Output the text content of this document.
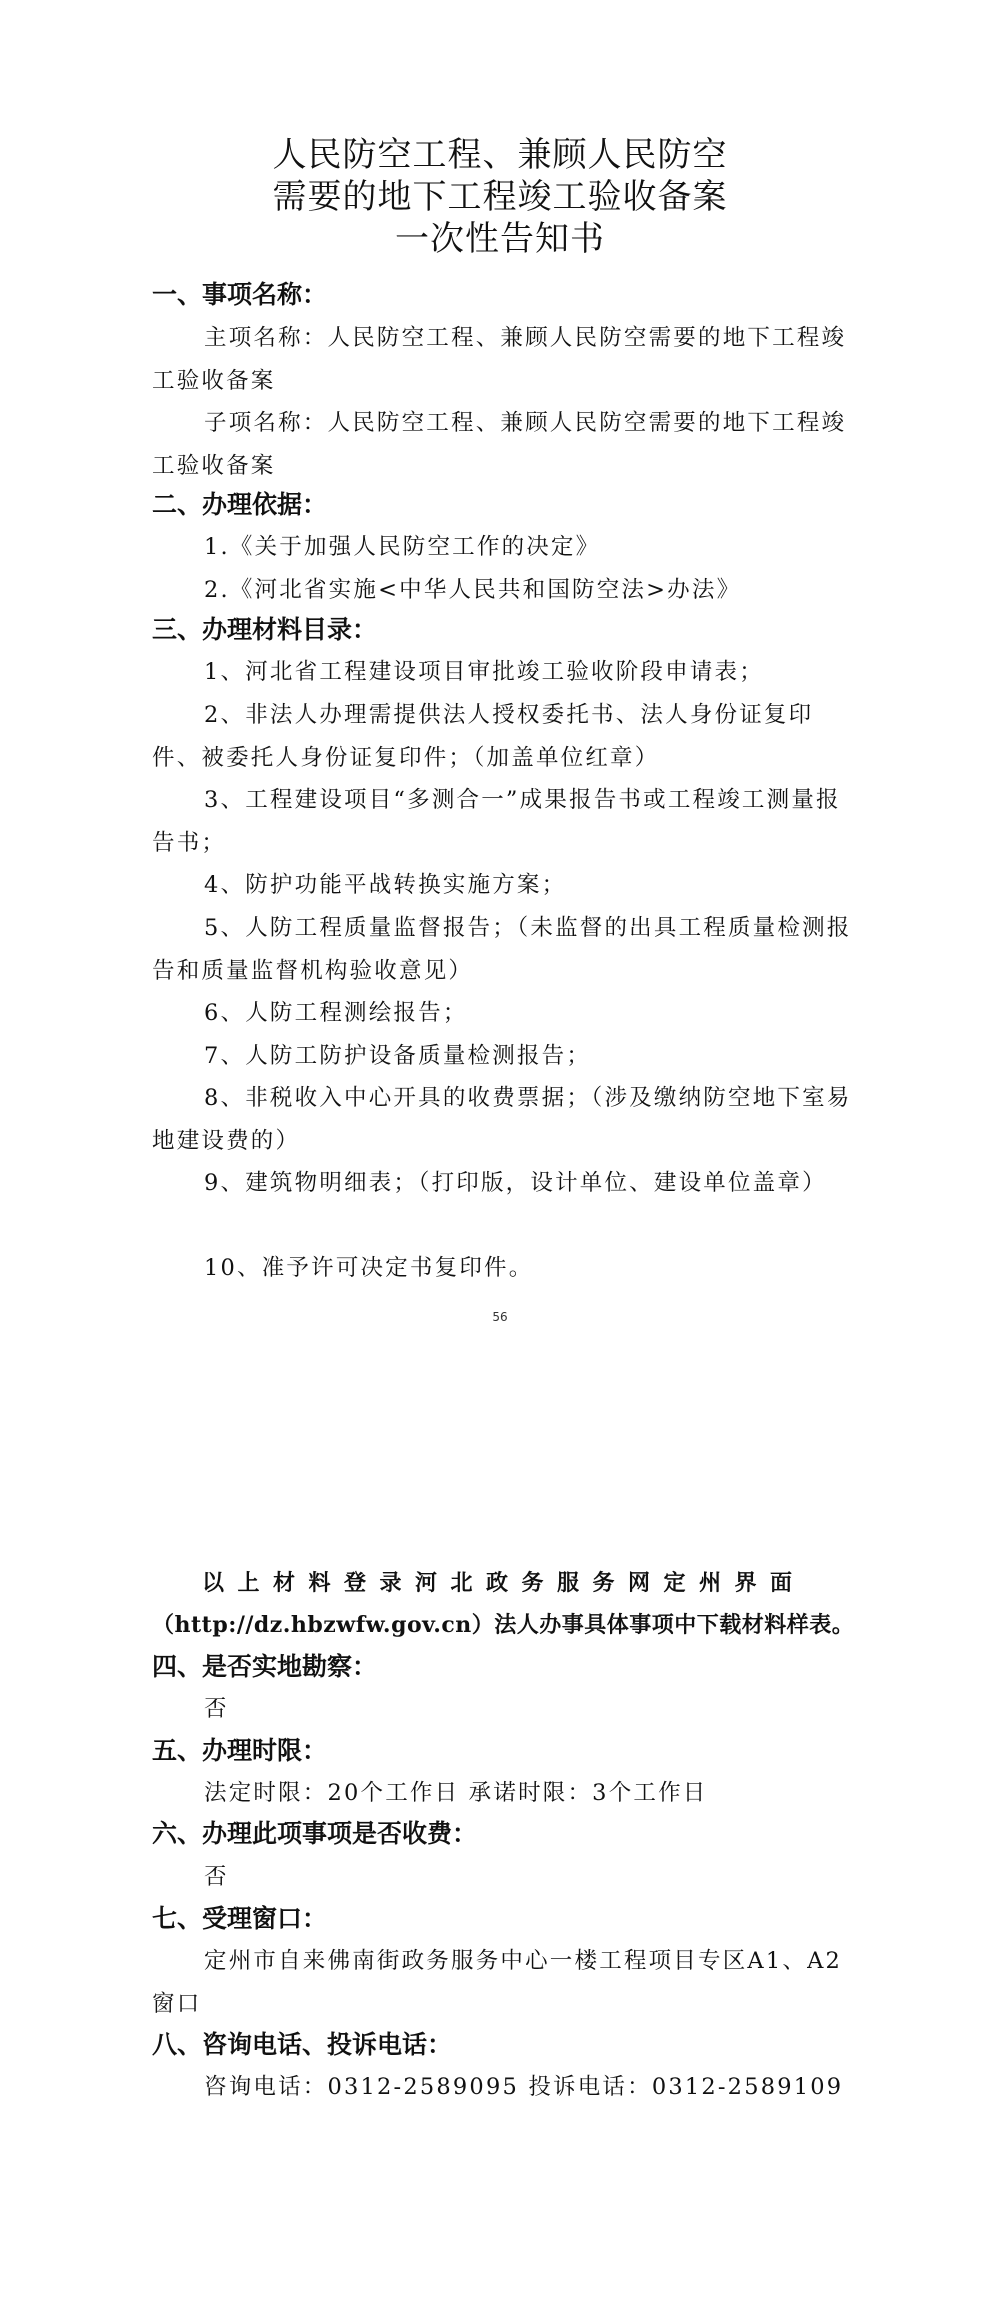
人民防空工程、兼顾人民防空
需要的地下工程竣工验收备案
一次性告知书
一、事项名称：

主项名称：人民防空工程、兼顾人民防空需要的地下工程竣工验收备案

子项名称：人民防空工程、兼顾人民防空需要的地下工程竣工验收备案

二、办理依据：

1.《关于加强人民防空工作的决定》

2.《河北省实施<中华人民共和国防空法>办法》

三、办理材料目录：

1、河北省工程建设项目审批竣工验收阶段申请表；

2、非法人办理需提供法人授权委托书、法人身份证复印件、被委托人身份证复印件；（加盖单位红章）

3、工程建设项目“多测合一”成果报告书或工程竣工测量报告书；

4、防护功能平战转换实施方案；

5、人防工程质量监督报告；（未监督的出具工程质量检测报告和质量监督机构验收意见）

6、人防工程测绘报告；

7、人防工防护设备质量检测报告；

8、非税收入中心开具的收费票据；（涉及缴纳防空地下室易地建设费的）

9、建筑物明细表；（打印版，设计单位、建设单位盖章）

10、准予许可决定书复印件。

56
以上材料登录河北政务服务网定州界面
（http://dz.hbzwfw.gov.cn）法人办事具体事项中下载材料样表。
四、是否实地勘察：

否

五、办理时限：

法定时限：20个工作日 承诺时限：3个工作日

六、办理此项事项是否收费：

否

七、受理窗口：

定州市自来佛南街政务服务中心一楼工程项目专区A1、A2窗口

八、咨询电话、投诉电话：

咨询电话：0312-2589095 投诉电话：0312-2589109
